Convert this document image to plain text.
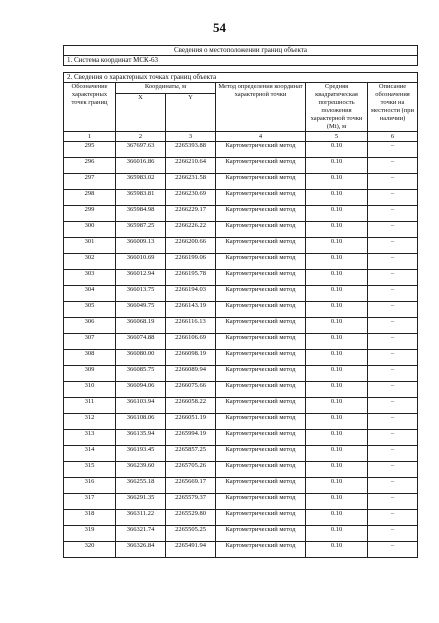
54
Сведения о местоположении границ объекта					
1. Система координат МСК-63					

2. Сведения о характерных точках границ объекта					
Обозначение характерных точек границ	Координаты, м		Метод определения координат характерной точки	Средняя квадратическая погрешность положения характерной точки (Mt), м	Описание обозначения точки на местности (при наличии)
	X	Y			
1	2	3	4	5	6
295	367697.63	2265393.88	Картометрический метод	0.10	–
296	366016.86	2266210.64	Картометрический метод	0.10	–
297	365983.02	2266231.58	Картометрический метод	0.10	–
298	365983.81	2266230.69	Картометрический метод	0.10	–
299	365984.98	2266229.17	Картометрический метод	0.10	–
300	365987.25	2266226.22	Картометрический метод	0.10	–
301	366009.13	2266200.66	Картометрический метод	0.10	–
302	366010.69	2266199.06	Картометрический метод	0.10	–
303	366012.94	2266195.78	Картометрический метод	0.10	–
304	366013.75	2266194.03	Картометрический метод	0.10	–
305	366049.75	2266143.19	Картометрический метод	0.10	–
306	366068.19	2266116.13	Картометрический метод	0.10	–
307	366074.88	2266106.69	Картометрический метод	0.10	–
308	366080.00	2266098.19	Картометрический метод	0.10	–
309	366085.75	2266089.94	Картометрический метод	0.10	–
310	366094.06	2266075.66	Картометрический метод	0.10	–
311	366103.94	2266058.22	Картометрический метод	0.10	–
312	366108.06	2266051.19	Картометрический метод	0.10	–
313	366135.94	2265994.19	Картометрический метод	0.10	–
314	366193.45	2265857.25	Картометрический метод	0.10	–
315	366239.60	2265705.26	Картометрический метод	0.10	–
316	366255.18	2265669.17	Картометрический метод	0.10	–
317	366291.35	2265579.37	Картометрический метод	0.10	–
318	366311.22	2265529.80	Картометрический метод	0.10	–
319	366321.74	2265505.25	Картометрический метод	0.10	–
320	366326.84	2265491.94	Картометрический метод	0.10	–
